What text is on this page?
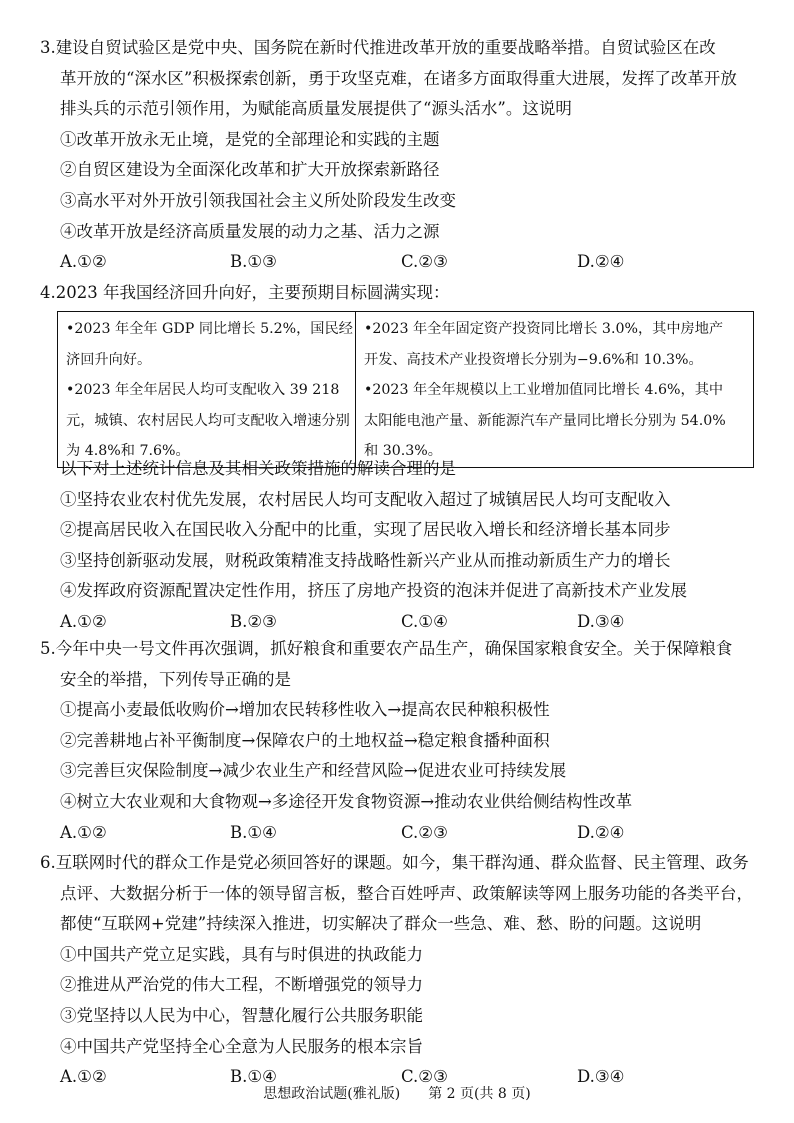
3.建设自贸试验区是党中央、国务院在新时代推进改革开放的重要战略举措。自贸试验区在改
革开放的“深水区”积极探索创新，勇于攻坚克难，在诸多方面取得重大进展，发挥了改革开放
排头兵的示范引领作用，为赋能高质量发展提供了“源头活水”。这说明
①改革开放永无止境，是党的全部理论和实践的主题
②自贸区建设为全面深化改革和扩大开放探索新路径
③高水平对外开放引领我国社会主义所处阶段发生改变
④改革开放是经济高质量发展的动力之基、活力之源
A.①②	B.①③	C.②③	D.②④
4.2023 年我国经济回升向好，主要预期目标圆满实现：
•2023 年全年 GDP 同比增长 5.2%，国民经
济回升向好。
•2023 年全年居民人均可支配收入 39 218
元，城镇、农村居民人均可支配收入增速分别
为 4.8%和 7.6%。

•2023 年全年固定资产投资同比增长 3.0%，其中房地产
开发、高技术产业投资增长分别为−9.6%和 10.3%。
•2023 年全年规模以上工业增加值同比增长 4.6%，其中
太阳能电池产量、新能源汽车产量同比增长分别为 54.0%
和 30.3%。
以下对上述统计信息及其相关政策措施的解读合理的是
①坚持农业农村优先发展，农村居民人均可支配收入超过了城镇居民人均可支配收入
②提高居民收入在国民收入分配中的比重，实现了居民收入增长和经济增长基本同步
③坚持创新驱动发展，财税政策精准支持战略性新兴产业从而推动新质生产力的增长
④发挥政府资源配置决定性作用，挤压了房地产投资的泡沫并促进了高新技术产业发展
A.①②	B.②③	C.①④	D.③④
5.今年中央一号文件再次强调，抓好粮食和重要农产品生产，确保国家粮食安全。关于保障粮食
安全的举措，下列传导正确的是
①提高小麦最低收购价→增加农民转移性收入→提高农民种粮积极性
②完善耕地占补平衡制度→保障农户的土地权益→稳定粮食播种面积
③完善巨灾保险制度→减少农业生产和经营风险→促进农业可持续发展
④树立大农业观和大食物观→多途径开发食物资源→推动农业供给侧结构性改革
A.①②	B.①④	C.②③	D.②④
6.互联网时代的群众工作是党必须回答好的课题。如今，集干群沟通、群众监督、民主管理、政务
点评、大数据分析于一体的领导留言板，整合百姓呼声、政策解读等网上服务功能的各类平台，
都使“互联网+党建”持续深入推进，切实解决了群众一些急、难、愁、盼的问题。这说明
①中国共产党立足实践，具有与时俱进的执政能力
②推进从严治党的伟大工程，不断增强党的领导力
③党坚持以人民为中心，智慧化履行公共服务职能
④中国共产党坚持全心全意为人民服务的根本宗旨
A.①②	B.①④	C.②③	D.③④
思想政治试题(雅礼版) 第 2 页(共 8 页)
